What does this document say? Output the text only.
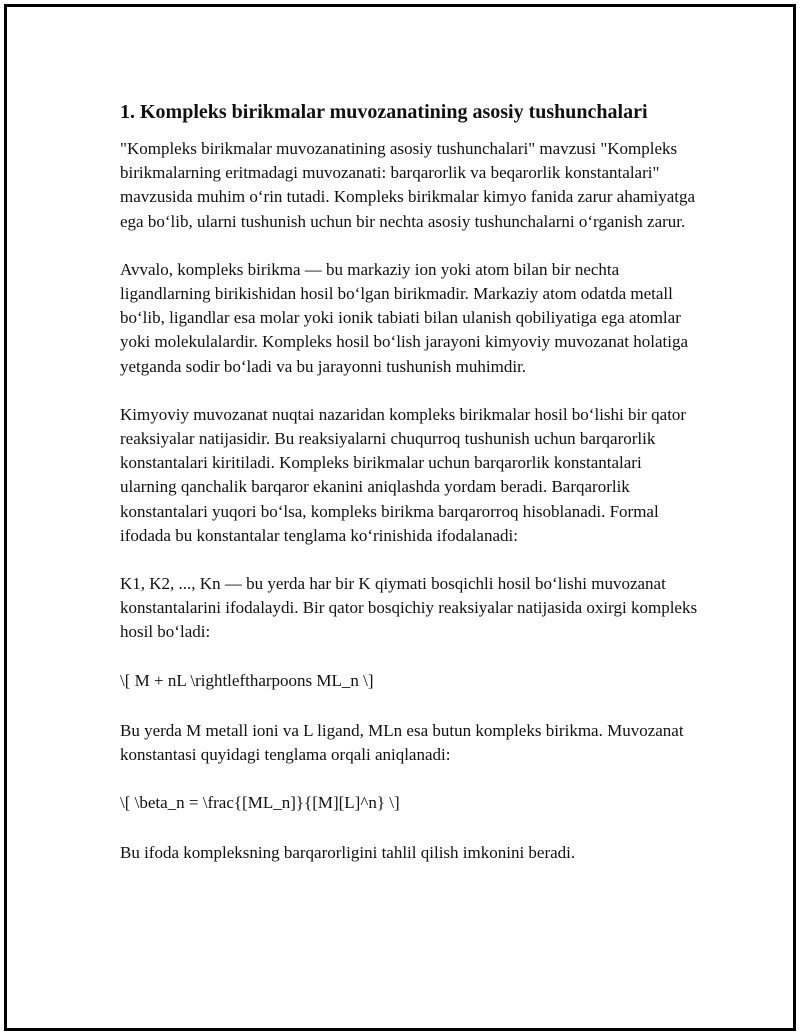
1. Kompleks birikmalar muvozanatining asosiy tushunchalari

"Kompleks birikmalar muvozanatining asosiy tushunchalari" mavzusi "Kompleks birikmalarning eritmadagi muvozanati: barqarorlik va beqarorlik konstantalari" mavzusida muhim o‘rin tutadi. Kompleks birikmalar kimyo fanida zarur ahamiyatga ega bo‘lib, ularni tushunish uchun bir nechta asosiy tushunchalarni o‘rganish zarur.

Avvalo, kompleks birikma — bu markaziy ion yoki atom bilan bir nechta ligandlarning birikishidan hosil bo‘lgan birikmadir. Markaziy atom odatda metall bo‘lib, ligandlar esa molar yoki ionik tabiati bilan ulanish qobiliyatiga ega atomlar yoki molekulalardir. Kompleks hosil bo‘lish jarayoni kimyoviy muvozanat holatiga yetganda sodir bo‘ladi va bu jarayonni tushunish muhimdir.

Kimyoviy muvozanat nuqtai nazaridan kompleks birikmalar hosil bo‘lishi bir qator reaksiyalar natijasidir. Bu reaksiyalarni chuqurroq tushunish uchun barqarorlik konstantalari kiritiladi. Kompleks birikmalar uchun barqarorlik konstantalari ularning qanchalik barqaror ekanini aniqlashda yordam beradi. Barqarorlik konstantalari yuqori bo‘lsa, kompleks birikma barqarorroq hisoblanadi. Formal ifodada bu konstantalar tenglama ko‘rinishida ifodalanadi:

K1, K2, ..., Kn — bu yerda har bir K qiymati bosqichli hosil bo‘lishi muvozanat konstantalarini ifodalaydi. Bir qator bosqichiy reaksiyalar natijasida oxirgi kompleks hosil bo‘ladi:

\[ M + nL \rightleftharpoons ML_n \]

Bu yerda M metall ioni va L ligand, MLn esa butun kompleks birikma. Muvozanat konstantasi quyidagi tenglama orqali aniqlanadi:

\[ \beta_n = \frac{[ML_n]}{[M][L]^n} \]

Bu ifoda kompleksning barqarorligini tahlil qilish imkonini beradi.
